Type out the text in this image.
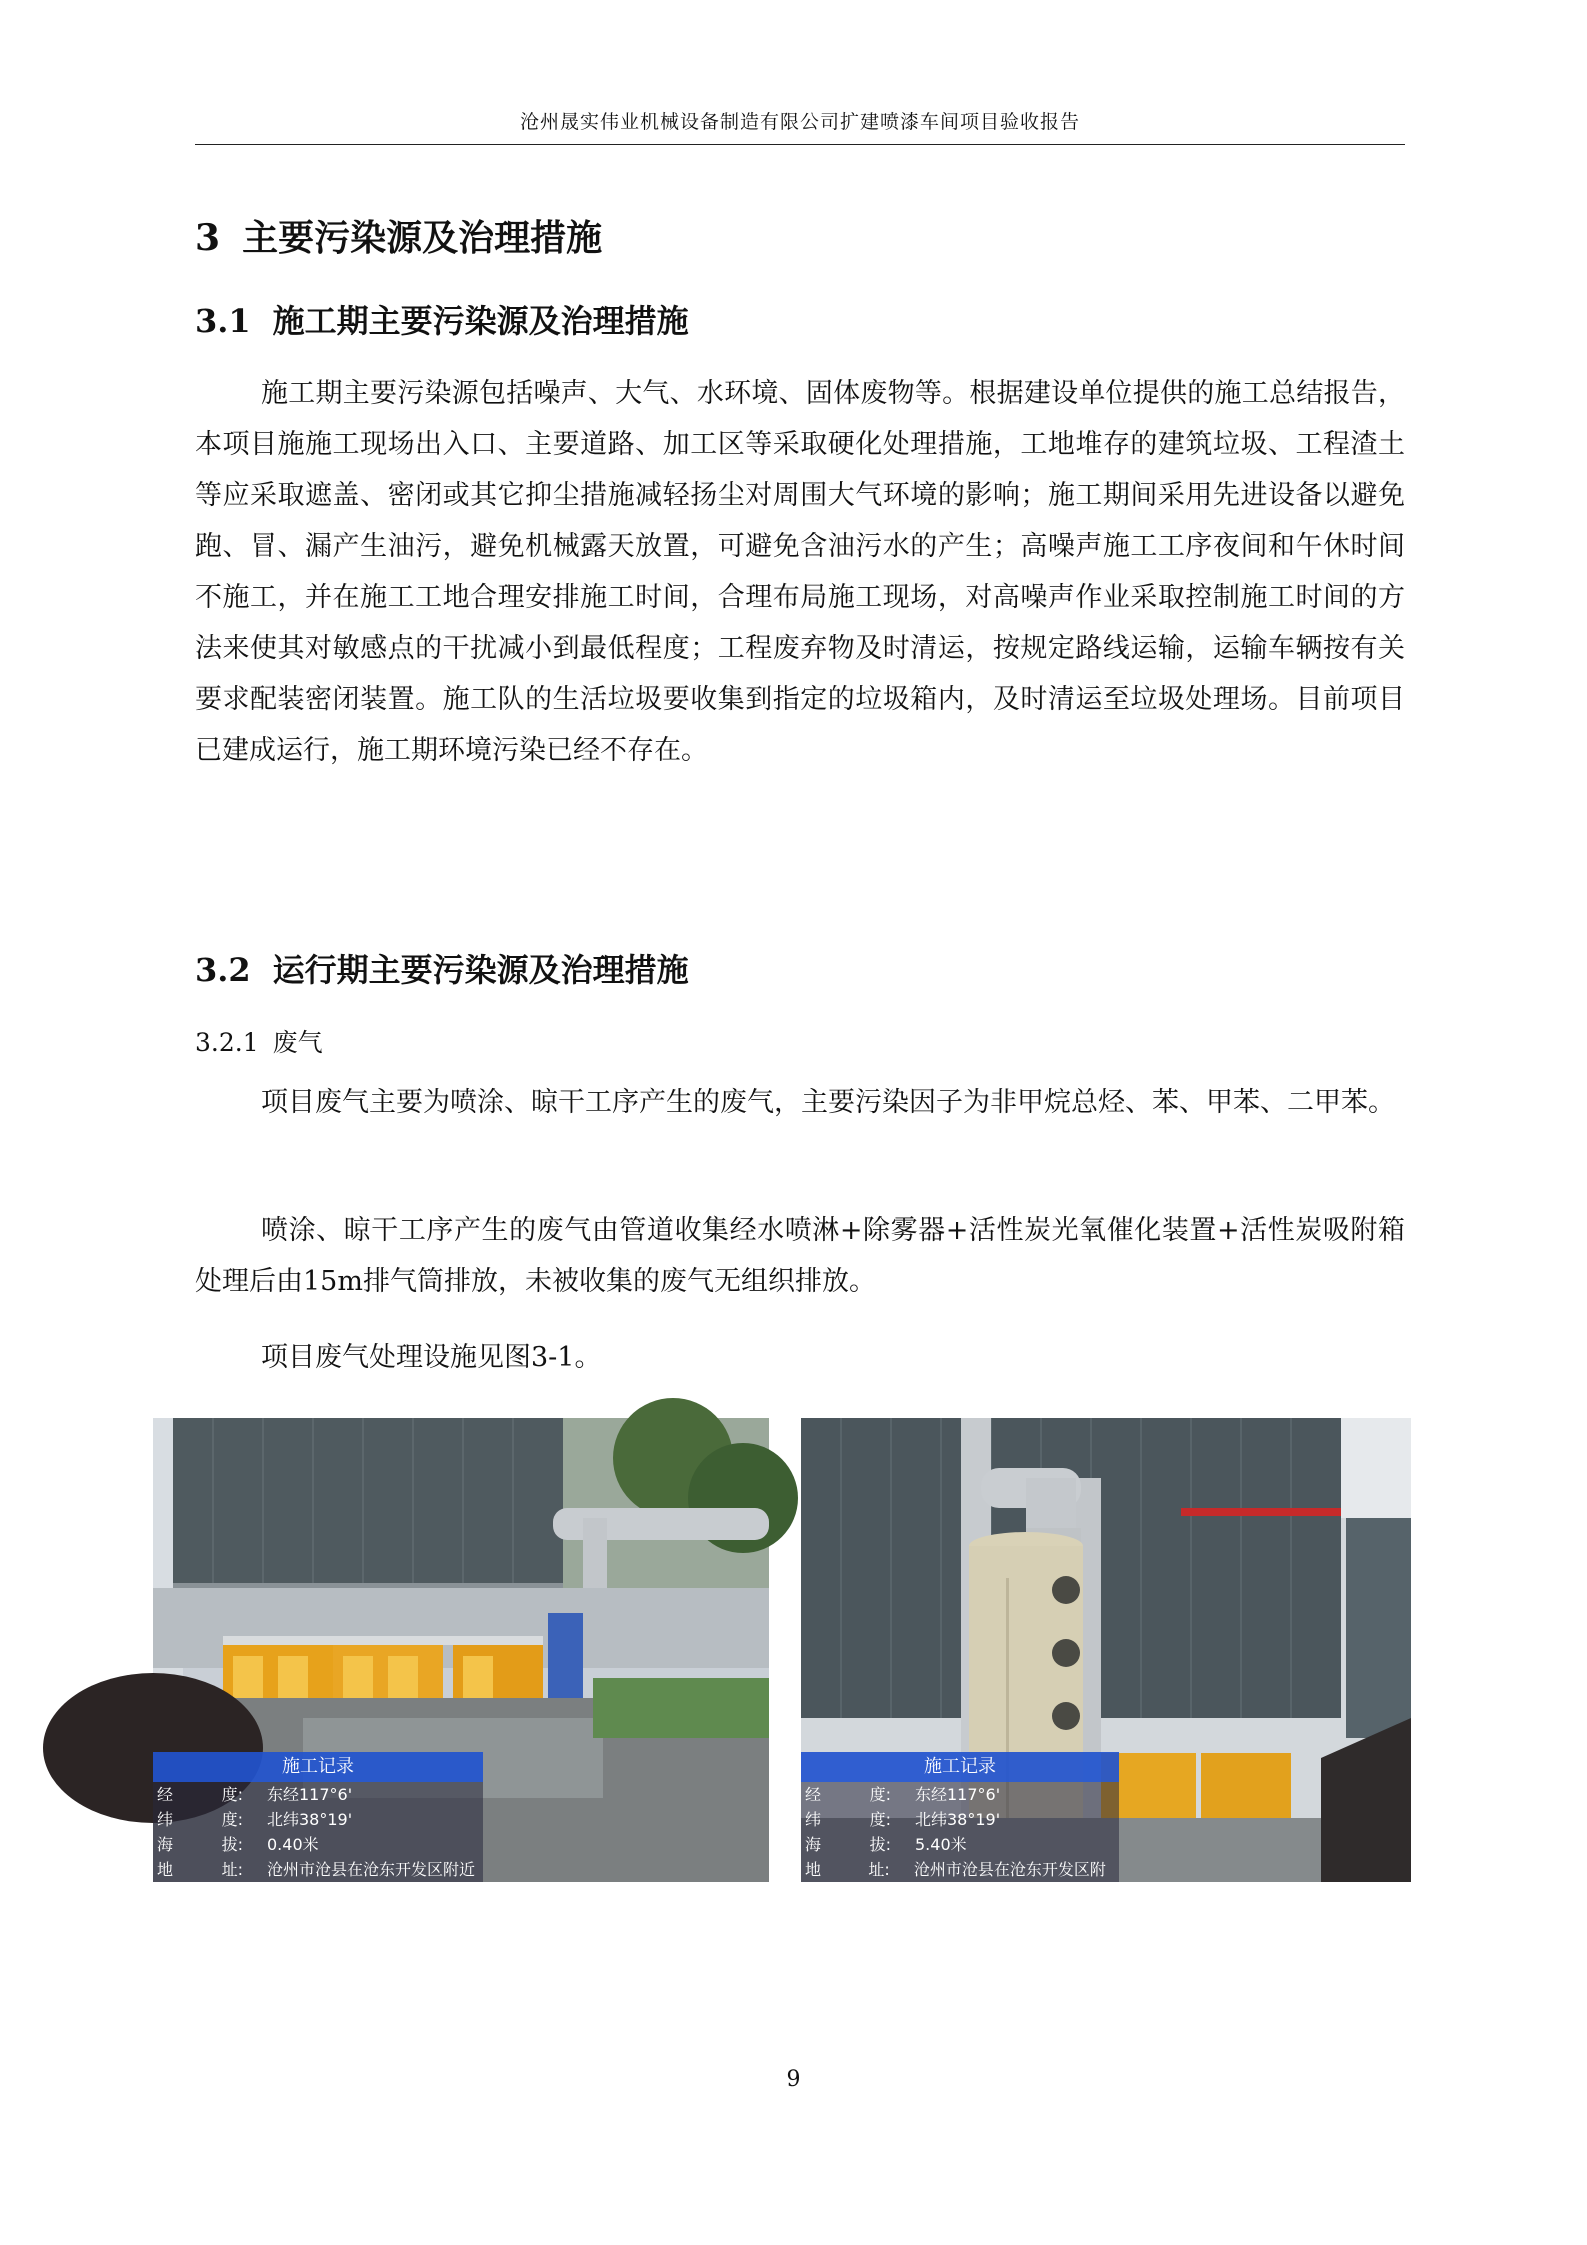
沧州晟实伟业机械设备制造有限公司扩建喷漆车间项目验收报告
3 主要污染源及治理措施
3.1 施工期主要污染源及治理措施
施工期主要污染源包括噪声、大气、水环境、固体废物等。根据建设单位提供的施工总结报告，本项目施施工现场出入口、主要道路、加工区等采取硬化处理措施，工地堆存的建筑垃圾、工程渣土等应采取遮盖、密闭或其它抑尘措施减轻扬尘对周围大气环境的影响；施工期间采用先进设备以避免跑、冒、漏产生油污，避免机械露天放置，可避免含油污水的产生；高噪声施工工序夜间和午休时间不施工，并在施工工地合理安排施工时间，合理布局施工现场，对高噪声作业采取控制施工时间的方法来使其对敏感点的干扰减小到最低程度；工程废弃物及时清运，按规定路线运输，运输车辆按有关要求配装密闭装置。施工队的生活垃圾要收集到指定的垃圾箱内，及时清运至垃圾处理场。目前项目已建成运行，施工期环境污染已经不存在。
3.2 运行期主要污染源及治理措施
3.2.1 废气
项目废气主要为喷涂、晾干工序产生的废气，主要污染因子为非甲烷总烃、苯、甲苯、二甲苯。
喷涂、晾干工序产生的废气由管道收集经水喷淋+除雾器+活性炭光氧催化装置+活性炭吸附箱处理后由15m排气筒排放，未被收集的废气无组织排放。
项目废气处理设施见图3-1。
施工记录
经	度: 东经117°6'
纬	度: 北纬38°19'
海	拔: 0.40米
地	址: 沧州市沧县在沧东开发区附近
施工记录
经	度: 东经117°6'
纬	度: 北纬38°19'
海	拔: 5.40米
地	址: 沧州市沧县在沧东开发区附近
9
